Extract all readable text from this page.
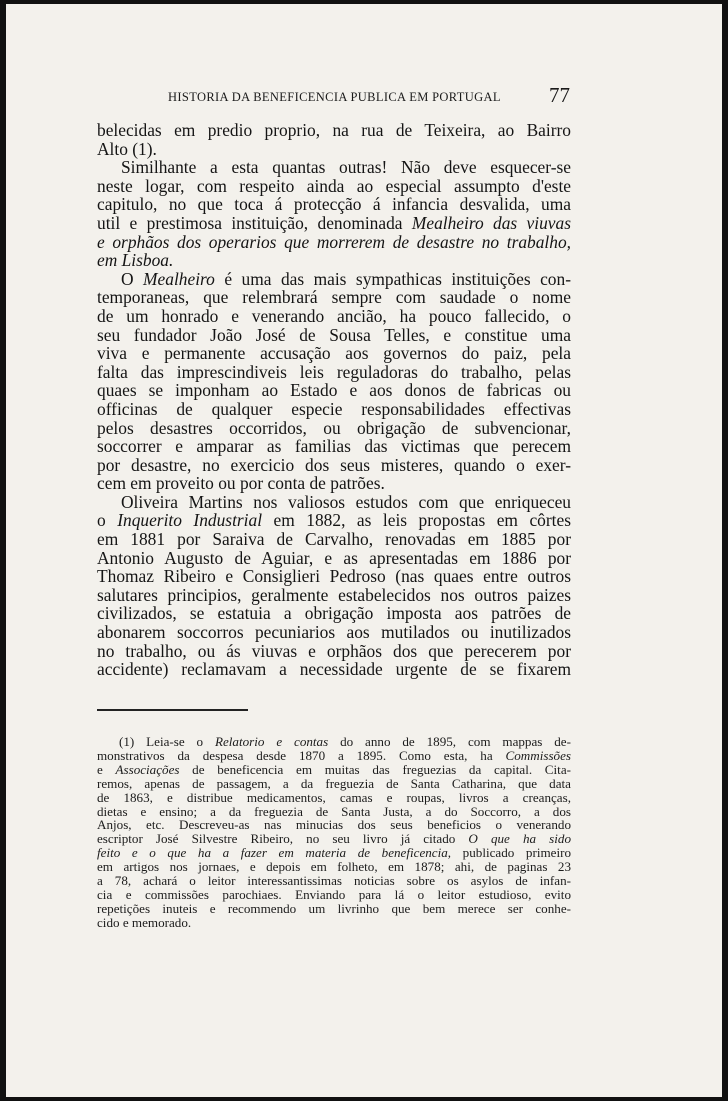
HISTORIA DA BENEFICENCIA PUBLICA EM PORTUGAL 77
belecidas em predio proprio, na rua de Teixeira, ao Bairro
Alto (1).
Similhante a esta quantas outras! Não deve esquecer-se
neste logar, com respeito ainda ao especial assumpto d'este
capitulo, no que toca á protecção á infancia desvalida, uma
util e prestimosa instituição, denominada Mealheiro das viuvas
e orphãos dos operarios que morrerem de desastre no trabalho,
em Lisboa.
O Mealheiro é uma das mais sympathicas instituições con-
temporaneas, que relembrará sempre com saudade o nome
de um honrado e venerando ancião, ha pouco fallecido, o
seu fundador João José de Sousa Telles, e constitue uma
viva e permanente accusação aos governos do paiz, pela
falta das imprescindiveis leis reguladoras do trabalho, pelas
quaes se imponham ao Estado e aos donos de fabricas ou
officinas de qualquer especie responsabilidades effectivas
pelos desastres occorridos, ou obrigação de subvencionar,
soccorrer e amparar as familias das victimas que perecem
por desastre, no exercicio dos seus misteres, quando o exer-
cem em proveito ou por conta de patrões.
Oliveira Martins nos valiosos estudos com que enriqueceu
o Inquerito Industrial em 1882, as leis propostas em côrtes
em 1881 por Saraiva de Carvalho, renovadas em 1885 por
Antonio Augusto de Aguiar, e as apresentadas em 1886 por
Thomaz Ribeiro e Consiglieri Pedroso (nas quaes entre outros
salutares principios, geralmente estabelecidos nos outros paizes
civilizados, se estatuia a obrigação imposta aos patrões de
abonarem soccorros pecuniarios aos mutilados ou inutilizados
no trabalho, ou ás viuvas e orphãos dos que perecerem por
accidente) reclamavam a necessidade urgente de se fixarem
(1) Leia-se o Relatorio e contas do anno de 1895, com mappas de-
monstrativos da despesa desde 1870 a 1895. Como esta, ha Commissões
e Associações de beneficencia em muitas das freguezias da capital. Cita-
remos, apenas de passagem, a da freguezia de Santa Catharina, que data
de 1863, e distribue medicamentos, camas e roupas, livros a creanças,
dietas e ensino; a da freguezia de Santa Justa, a do Soccorro, a dos
Anjos, etc. Descreveu-as nas minucias dos seus beneficios o venerando
escriptor José Silvestre Ribeiro, no seu livro já citado O que ha sido
feito e o que ha a fazer em materia de beneficencia, publicado primeiro
em artigos nos jornaes, e depois em folheto, em 1878; ahi, de paginas 23
a 78, achará o leitor interessantissimas noticias sobre os asylos de infan-
cia e commissões parochiaes. Enviando para lá o leitor estudioso, evito
repetições inuteis e recommendo um livrinho que bem merece ser conhe-
cido e memorado.
